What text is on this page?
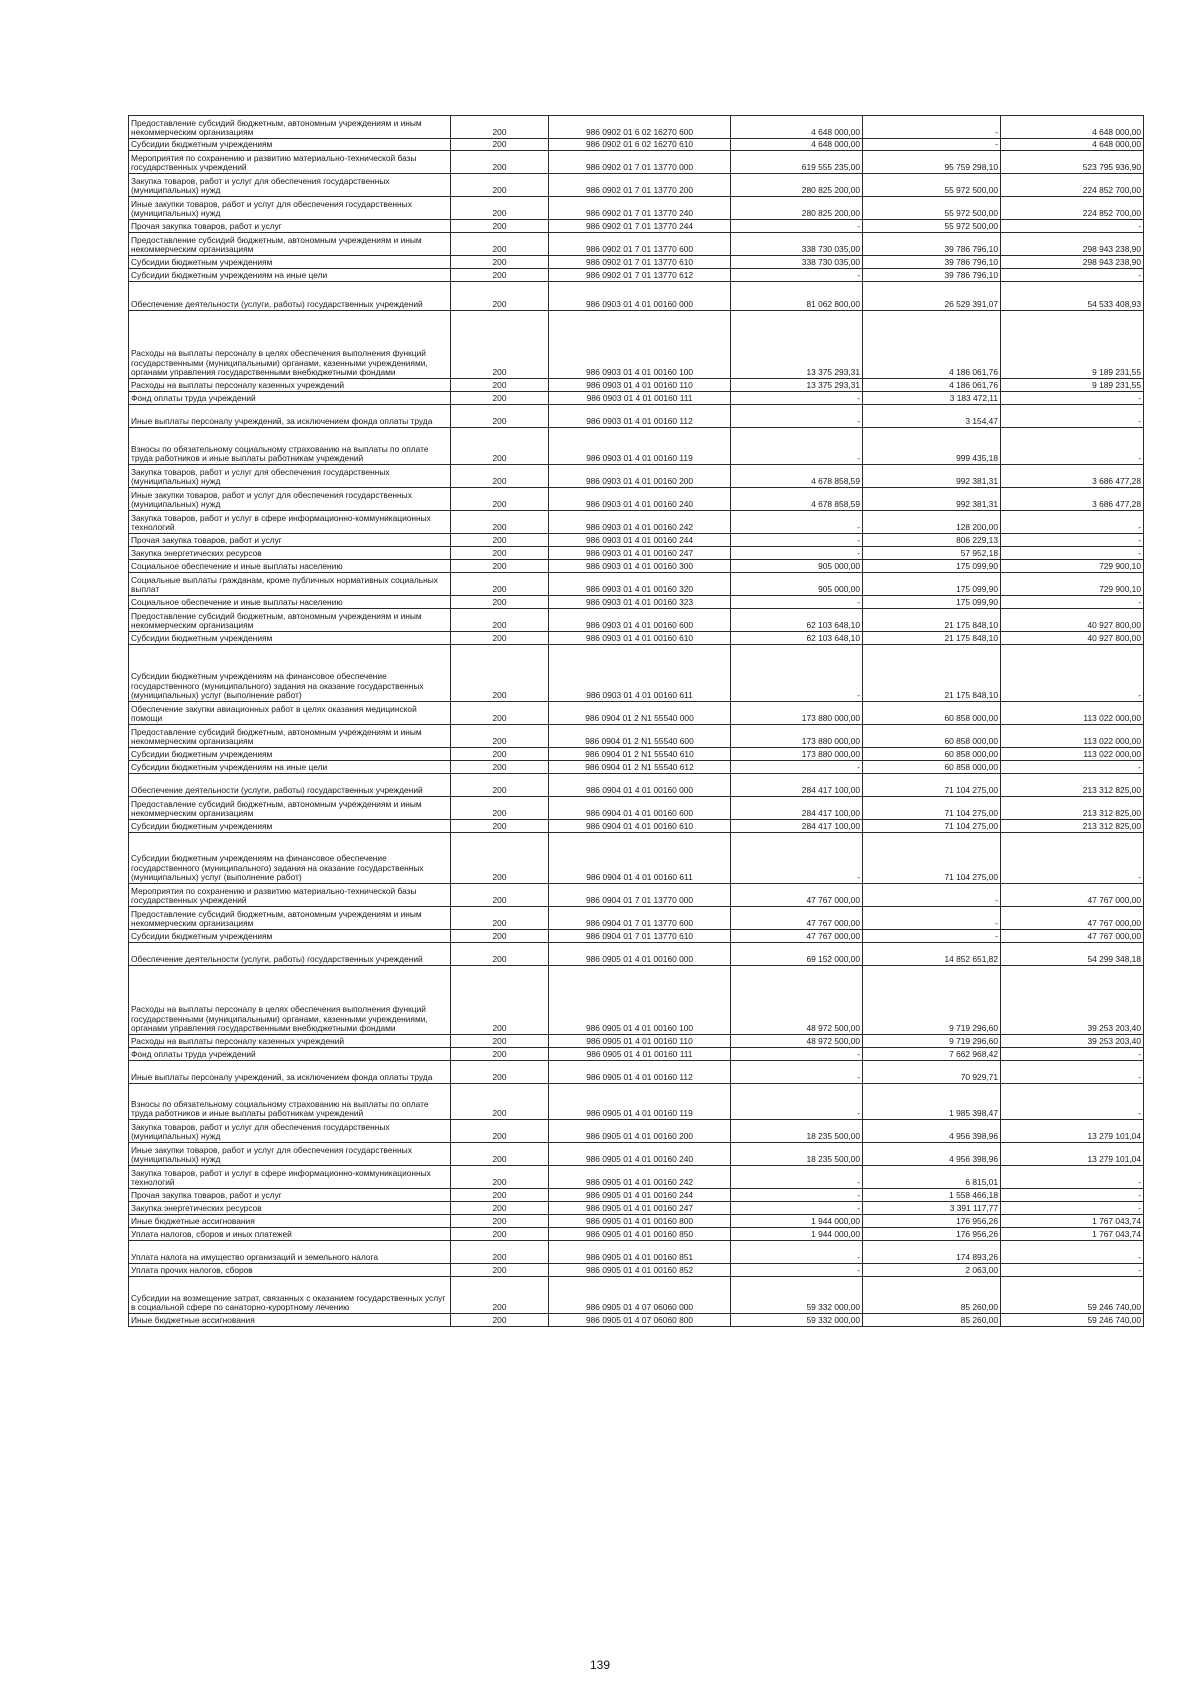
Предоставление субсидий бюджетным, автономным учреждениям и иным некоммерческим организациям	200	986 0902 01 6 02 16270 600	4 648 000,00	-	4 648 000,00
Субсидии бюджетным учреждениям	200	986 0902 01 6 02 16270 610	4 648 000,00	-	4 648 000,00
Мероприятия по сохранению и развитию материально-технической базы государственных учреждений	200	986 0902 01 7 01 13770 000	619 555 235,00	95 759 298,10	523 795 936,90
Закупка товаров, работ и услуг для обеспечения государственных (муниципальных) нужд	200	986 0902 01 7 01 13770 200	280 825 200,00	55 972 500,00	224 852 700,00
Иные закупки товаров, работ и услуг для обеспечения государственных (муниципальных) нужд	200	986 0902 01 7 01 13770 240	280 825 200,00	55 972 500,00	224 852 700,00
Прочая закупка товаров, работ и услуг	200	986 0902 01 7 01 13770 244	-	55 972 500,00	-
Предоставление субсидий бюджетным, автономным учреждениям и иным некоммерческим организациям	200	986 0902 01 7 01 13770 600	338 730 035,00	39 786 796,10	298 943 238,90
Субсидии бюджетным учреждениям	200	986 0902 01 7 01 13770 610	338 730 035,00	39 786 796,10	298 943 238,90
Субсидии бюджетным учреждениям на иные цели	200	986 0902 01 7 01 13770 612	-	39 786 796,10	-
Обеспечение деятельности (услуги, работы) государственных учреждений	200	986 0903 01 4 01 00160 000	81 062 800,00	26 529 391,07	54 533 408,93
Расходы на выплаты персоналу в целях обеспечения выполнения функций государственными (муниципальными) органами, казенными учреждениями, органами управления государственными внебюджетными фондами	200	986 0903 01 4 01 00160 100	13 375 293,31	4 186 061,76	9 189 231,55
Расходы на выплаты персоналу казенных учреждений	200	986 0903 01 4 01 00160 110	13 375 293,31	4 186 061,76	9 189 231,55
Фонд оплаты труда учреждений	200	986 0903 01 4 01 00160 111	-	3 183 472,11	-
Иные выплаты персоналу учреждений, за исключением фонда оплаты труда	200	986 0903 01 4 01 00160 112	-	3 154,47	-
Взносы по обязательному социальному страхованию на выплаты по оплате труда работников и иные выплаты работникам учреждений	200	986 0903 01 4 01 00160 119	-	999 435,18	-
Закупка товаров, работ и услуг для обеспечения государственных (муниципальных) нужд	200	986 0903 01 4 01 00160 200	4 678 858,59	992 381,31	3 686 477,28
Иные закупки товаров, работ и услуг для обеспечения государственных (муниципальных) нужд	200	986 0903 01 4 01 00160 240	4 678 858,59	992 381,31	3 686 477,28
Закупка товаров, работ и услуг в сфере информационно-коммуникационных технологий	200	986 0903 01 4 01 00160 242	-	128 200,00	-
Прочая закупка товаров, работ и услуг	200	986 0903 01 4 01 00160 244	-	806 229,13	-
Закупка энергетических ресурсов	200	986 0903 01 4 01 00160 247	-	57 952,18	-
Социальное обеспечение и иные выплаты населению	200	986 0903 01 4 01 00160 300	905 000,00	175 099,90	729 900,10
Социальные выплаты гражданам, кроме публичных нормативных социальных выплат	200	986 0903 01 4 01 00160 320	905 000,00	175 099,90	729 900,10
Социальное обеспечение и иные выплаты населению	200	986 0903 01 4 01 00160 323	-	175 099,90	-
Предоставление субсидий бюджетным, автономным учреждениям и иным некоммерческим организациям	200	986 0903 01 4 01 00160 600	62 103 648,10	21 175 848,10	40 927 800,00
Субсидии бюджетным учреждениям	200	986 0903 01 4 01 00160 610	62 103 648,10	21 175 848,10	40 927 800,00
Субсидии бюджетным учреждениям на финансовое обеспечение государственного (муниципального) задания на оказание государственных (муниципальных) услуг (выполнение работ)	200	986 0903 01 4 01 00160 611	-	21 175 848,10	-
Обеспечение закупки авиационных работ в целях оказания медицинской помощи	200	986 0904 01 2 N1 55540 000	173 880 000,00	60 858 000,00	113 022 000,00
Предоставление субсидий бюджетным, автономным учреждениям и иным некоммерческим организациям	200	986 0904 01 2 N1 55540 600	173 880 000,00	60 858 000,00	113 022 000,00
Субсидии бюджетным учреждениям	200	986 0904 01 2 N1 55540 610	173 880 000,00	60 858 000,00	113 022 000,00
Субсидии бюджетным учреждениям на иные цели	200	986 0904 01 2 N1 55540 612	-	60 858 000,00	-
Обеспечение деятельности (услуги, работы) государственных учреждений	200	986 0904 01 4 01 00160 000	284 417 100,00	71 104 275,00	213 312 825,00
Предоставление субсидий бюджетным, автономным учреждениям и иным некоммерческим организациям	200	986 0904 01 4 01 00160 600	284 417 100,00	71 104 275,00	213 312 825,00
Субсидии бюджетным учреждениям	200	986 0904 01 4 01 00160 610	284 417 100,00	71 104 275,00	213 312 825,00
Субсидии бюджетным учреждениям на финансовое обеспечение государственного (муниципального) задания на оказание государственных (муниципальных) услуг (выполнение работ)	200	986 0904 01 4 01 00160 611	-	71 104 275,00	-
Мероприятия по сохранению и развитию материально-технической базы государственных учреждений	200	986 0904 01 7 01 13770 000	47 767 000,00	-	47 767 000,00
Предоставление субсидий бюджетным, автономным учреждениям и иным некоммерческим организациям	200	986 0904 01 7 01 13770 600	47 767 000,00	-	47 767 000,00
Субсидии бюджетным учреждениям	200	986 0904 01 7 01 13770 610	47 767 000,00	-	47 767 000,00
Обеспечение деятельности (услуги, работы) государственных учреждений	200	986 0905 01 4 01 00160 000	69 152 000,00	14 852 651,82	54 299 348,18
Расходы на выплаты персоналу в целях обеспечения выполнения функций государственными (муниципальными) органами, казенными учреждениями, органами управления государственными внебюджетными фондами	200	986 0905 01 4 01 00160 100	48 972 500,00	9 719 296,60	39 253 203,40
Расходы на выплаты персоналу казенных учреждений	200	986 0905 01 4 01 00160 110	48 972 500,00	9 719 296,60	39 253 203,40
Фонд оплаты труда учреждений	200	986 0905 01 4 01 00160 111	-	7 662 968,42	-
Иные выплаты персоналу учреждений, за исключением фонда оплаты труда	200	986 0905 01 4 01 00160 112	-	70 929,71	-
Взносы по обязательному социальному страхованию на выплаты по оплате труда работников и иные выплаты работникам учреждений	200	986 0905 01 4 01 00160 119	-	1 985 398,47	-
Закупка товаров, работ и услуг для обеспечения государственных (муниципальных) нужд	200	986 0905 01 4 01 00160 200	18 235 500,00	4 956 398,96	13 279 101,04
Иные закупки товаров, работ и услуг для обеспечения государственных (муниципальных) нужд	200	986 0905 01 4 01 00160 240	18 235 500,00	4 956 398,96	13 279 101,04
Закупка товаров, работ и услуг в сфере информационно-коммуникационных технологий	200	986 0905 01 4 01 00160 242	-	6 815,01	-
Прочая закупка товаров, работ и услуг	200	986 0905 01 4 01 00160 244	-	1 558 466,18	-
Закупка энергетических ресурсов	200	986 0905 01 4 01 00160 247	-	3 391 117,77	-
Иные бюджетные ассигнования	200	986 0905 01 4 01 00160 800	1 944 000,00	176 956,26	1 767 043,74
Уплата налогов, сборов и иных платежей	200	986 0905 01 4 01 00160 850	1 944 000,00	176 956,26	1 767 043,74
Уплата налога на имущество организаций и земельного налога	200	986 0905 01 4 01 00160 851	-	174 893,26	-
Уплата прочих налогов, сборов	200	986 0905 01 4 01 00160 852	-	2 063,00	-
Субсидии на возмещение затрат, связанных с оказанием государственных услуг в социальной сфере по санаторно-курортному лечению	200	986 0905 01 4 07 06060 000	59 332 000,00	85 260,00	59 246 740,00
Иные бюджетные ассигнования	200	986 0905 01 4 07 06060 800	59 332 000,00	85 260,00	59 246 740,00
139
